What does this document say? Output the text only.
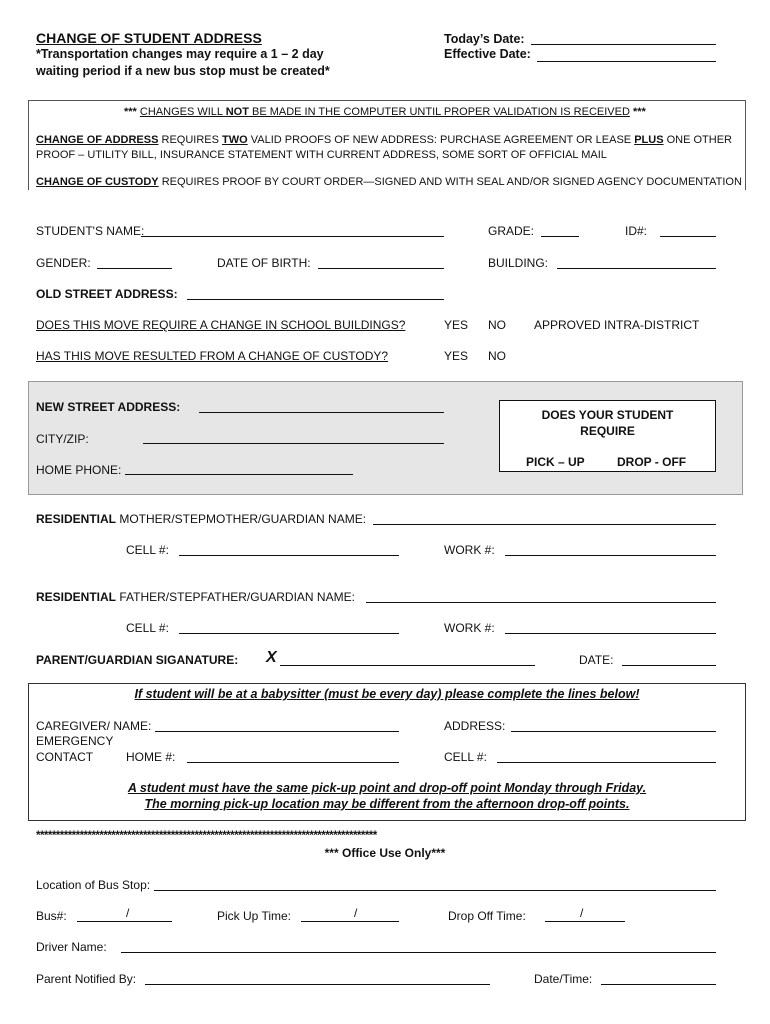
CHANGE OF STUDENT ADDRESS
*Transportation changes may require a 1 – 2 day
waiting period if a new bus stop must be created*
Today’s Date:
Effective Date:
*** CHANGES WILL NOT BE MADE IN THE COMPUTER UNTIL PROPER VALIDATION IS RECEIVED ***
CHANGE OF ADDRESS REQUIRES TWO VALID PROOFS OF NEW ADDRESS: PURCHASE AGREEMENT OR LEASE PLUS ONE OTHER
PROOF – UTILITY BILL, INSURANCE STATEMENT WITH CURRENT ADDRESS, SOME SORT OF OFFICIAL MAIL
CHANGE OF CUSTODY REQUIRES PROOF BY COURT ORDER—SIGNED AND WITH SEAL AND/OR SIGNED AGENCY DOCUMENTATION
STUDENT'S NAME:	GRADE:	ID#:
GENDER:	DATE OF BIRTH:	BUILDING:
OLD STREET ADDRESS:
DOES THIS MOVE REQUIRE A CHANGE IN SCHOOL BUILDINGS?	YES NO APPROVED INTRA-DISTRICT
HAS THIS MOVE RESULTED FROM A CHANGE OF CUSTODY?	YES NO
NEW STREET ADDRESS:
CITY/ZIP:
HOME PHONE:
DOES YOUR STUDENT
REQUIRE
PICK – UP	DROP - OFF
RESIDENTIAL MOTHER/STEPMOTHER/GUARDIAN NAME:
CELL #:	WORK #:
RESIDENTIAL FATHER/STEPFATHER/GUARDIAN NAME:
CELL #:	WORK #:
PARENT/GUARDIAN SIGANATURE: X	DATE:
If student will be at a babysitter (must be every day) please complete the lines below!
CAREGIVER/ NAME:	ADDRESS:
EMERGENCY
CONTACT	HOME #:	CELL #:
A student must have the same pick-up point and drop-off point Monday through Friday.
The morning pick-up location may be different from the afternoon drop-off points.
**************************************************************************************
*** Office Use Only***
Location of Bus Stop:
Bus#:	/	Pick Up Time:	/	Drop Off Time:	/
Driver Name:
Parent Notified By:	Date/Time:
